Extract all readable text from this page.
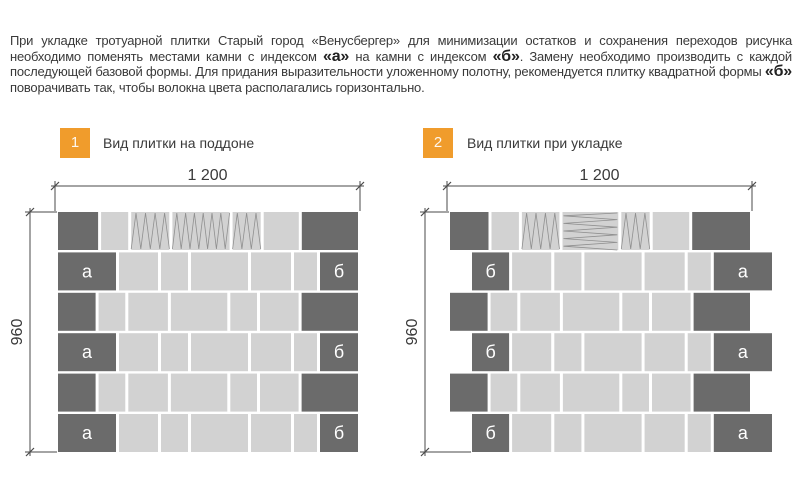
При укладке тротуарной плитки Старый город «Венусбергер» для минимизации остатков и сохранения переходов рисунка необходимо поменять местами камни с индексом «а» на камни с индексом «б». Замену необходимо производить с каждой последующей базовой формы. Для придания выразительности уложенному полотну, рекомендуется плитку квадратной формы «б» поворачивать так, чтобы волокна цвета располагались горизонтально.
1	Вид плитки на поддоне	2	Вид плитки при укладке
1 200
960
а	б
а	б
а	б
1 200
960
б	а
б	а
б	а
